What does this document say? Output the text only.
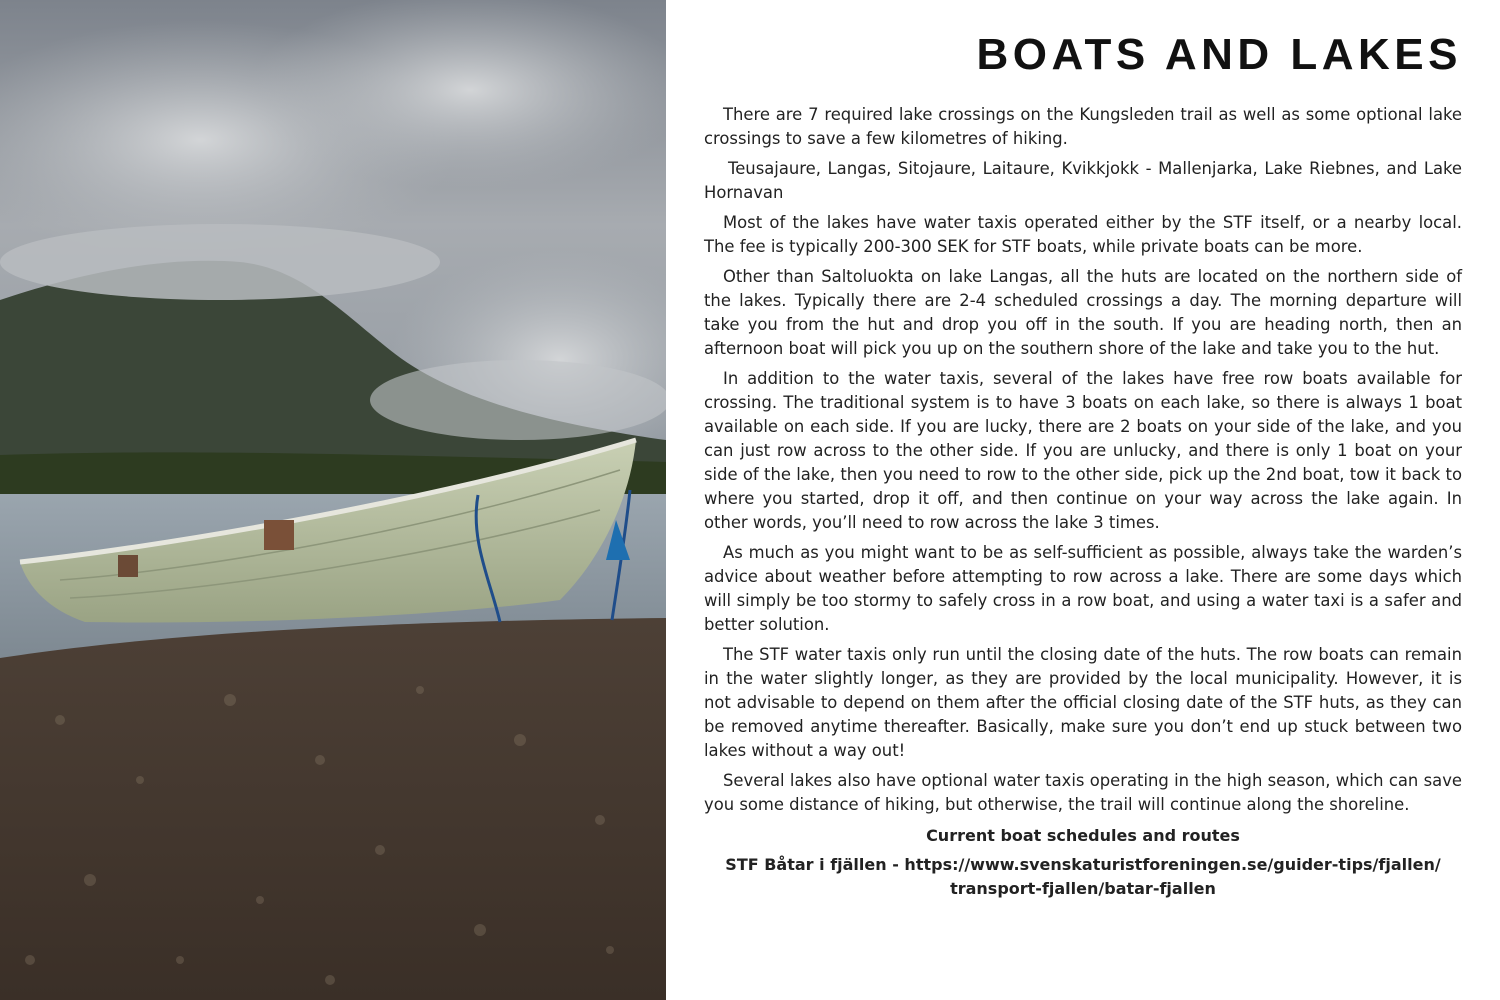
BOATS AND LAKES

There are 7 required lake crossings on the Kungsleden trail as well as some optional lake crossings to save a few kilometres of hiking.

Teusajaure, Langas, Sitojaure, Laitaure, Kvikkjokk - Mallenjarka, Lake Riebnes, and Lake Hornavan

Most of the lakes have water taxis operated either by the STF itself, or a nearby local. The fee is typically 200-300 SEK for STF boats, while private boats can be more.

Other than Saltoluokta on lake Langas, all the huts are located on the northern side of the lakes. Typically there are 2-4 scheduled crossings a day. The morning departure will take you from the hut and drop you off in the south. If you are heading north, then an afternoon boat will pick you up on the southern shore of the lake and take you to the hut.

In addition to the water taxis, several of the lakes have free row boats available for crossing. The traditional system is to have 3 boats on each lake, so there is always 1 boat available on each side. If you are lucky, there are 2 boats on your side of the lake, and you can just row across to the other side. If you are unlucky, and there is only 1 boat on your side of the lake, then you need to row to the other side, pick up the 2nd boat, tow it back to where you started, drop it off, and then continue on your way across the lake again. In other words, you’ll need to row across the lake 3 times.

As much as you might want to be as self-sufficient as possible, always take the warden’s advice about weather before attempting to row across a lake. There are some days which will simply be too stormy to safely cross in a row boat, and using a water taxi is a safer and better solution.

The STF water taxis only run until the closing date of the huts. The row boats can remain in the water slightly longer, as they are provided by the local municipality. However, it is not advisable to depend on them after the official closing date of the STF huts, as they can be removed anytime thereafter. Basically, make sure you don’t end up stuck between two lakes without a way out!

Several lakes also have optional water taxis operating in the high season, which can save you some distance of hiking, but otherwise, the trail will continue along the shoreline.

Current boat schedules and routes

STF Båtar i fjällen - https://www.svenskaturistforeningen.se/guider-tips/fjallen/
transport-fjallen/batar-fjallen
